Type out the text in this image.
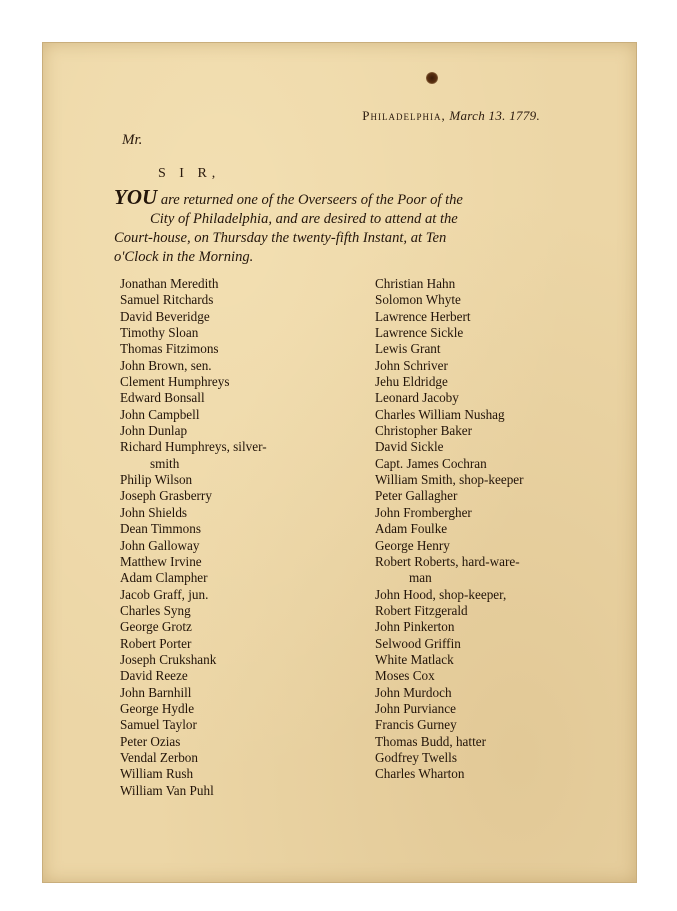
Philadelphia, March 13. 1779.
Mr.
S I R,
YOU are returned one of the Overseers of the Poor of the
City of Philadelphia, and are desired to attend at the
Court-house, on Thursday the twenty-fifth Instant, at Ten
o'Clock in the Morning.
Jonathan Meredith
Samuel Ritchards
David Beveridge
Timothy Sloan
Thomas Fitzimons
John Brown, sen.
Clement Humphreys
Edward Bonsall
John Campbell
John Dunlap
Richard Humphreys, silver-
smith
Philip Wilson
Joseph Grasberry
John Shields
Dean Timmons
John Galloway
Matthew Irvine
Adam Clampher
Jacob Graff, jun.
Charles Syng
George Grotz
Robert Porter
Joseph Crukshank
David Reeze
John Barnhill
George Hydle
Samuel Taylor
Peter Ozias
Vendal Zerbon
William Rush
William Van Puhl
Christian Hahn
Solomon Whyte
Lawrence Herbert
Lawrence Sickle
Lewis Grant
John Schriver
Jehu Eldridge
Leonard Jacoby
Charles William Nushag
Christopher Baker
David Sickle
Capt. James Cochran
William Smith, shop-keeper
Peter Gallagher
John Frombergher
Adam Foulke
George Henry
Robert Roberts, hard-ware-
man
John Hood, shop-keeper,
Robert Fitzgerald
John Pinkerton
Selwood Griffin
White Matlack
Moses Cox
John Murdoch
John Purviance
Francis Gurney
Thomas Budd, hatter
Godfrey Twells
Charles Wharton
